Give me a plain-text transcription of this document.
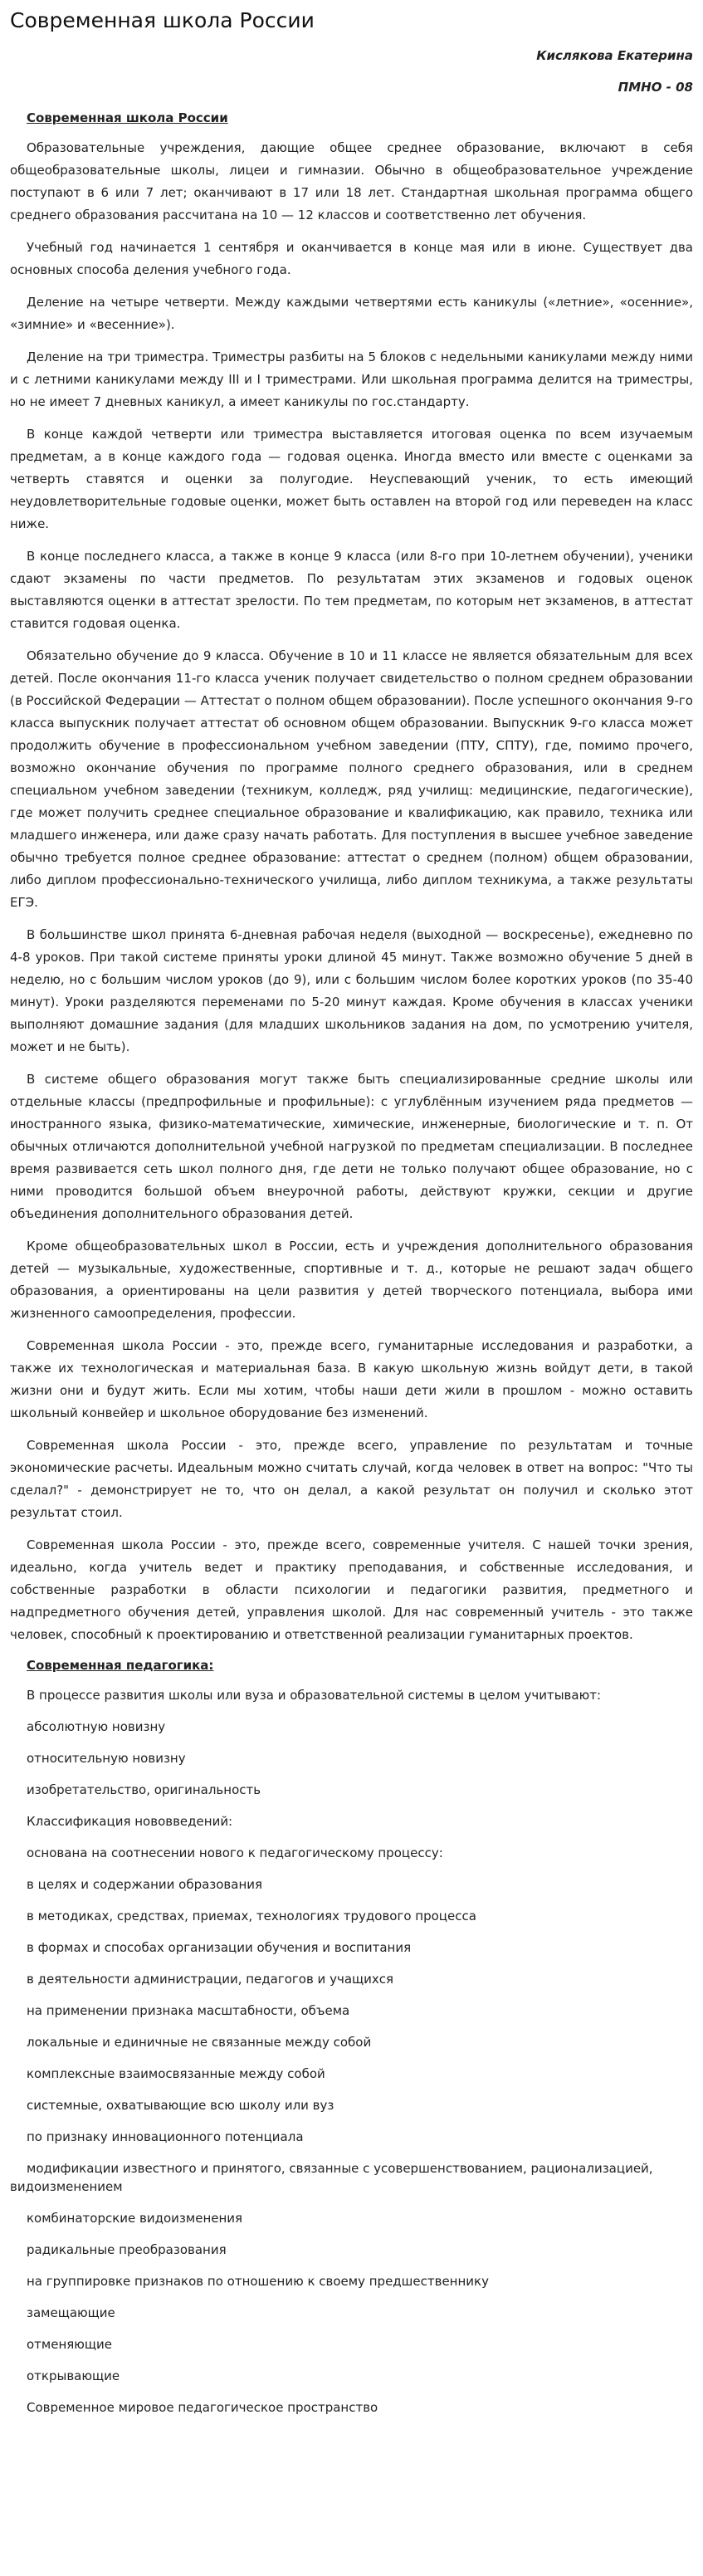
Современная школа России
Кислякова Екатерина
ПМНО - 08
Современная школа России

Образовательные учреждения, дающие общее среднее образование, включают в себя общеобразовательные школы, лицеи и гимназии. Обычно в общеобразовательное учреждение поступают в 6 или 7 лет; оканчивают в 17 или 18 лет. Стандартная школьная программа общего среднего образования рассчитана на 10 — 12 классов и соответственно лет обучения.

Учебный год начинается 1 сентября и оканчивается в конце мая или в июне. Существует два основных способа деления учебного года.

Деление на четыре четверти. Между каждыми четвертями есть каникулы («летние», «осенние», «зимние» и «весенние»).

Деление на три триместра. Триместры разбиты на 5 блоков с недельными каникулами между ними и с летними каникулами между III и I триместрами. Или школьная программа делится на триместры, но не имеет 7 дневных каникул, а имеет каникулы по гос.стандарту.

В конце каждой четверти или триместра выставляется итоговая оценка по всем изучаемым предметам, а в конце каждого года — годовая оценка. Иногда вместо или вместе с оценками за четверть ставятся и оценки за полугодие. Неуспевающий ученик, то есть имеющий неудовлетворительные годовые оценки, может быть оставлен на второй год или переведен на класс ниже.

В конце последнего класса, а также в конце 9 класса (или 8-го при 10-летнем обучении), ученики сдают экзамены по части предметов. По результатам этих экзаменов и годовых оценок выставляются оценки в аттестат зрелости. По тем предметам, по которым нет экзаменов, в аттестат ставится годовая оценка.

Обязательно обучение до 9 класса. Обучение в 10 и 11 классе не является обязательным для всех детей. После окончания 11-го класса ученик получает свидетельство о полном среднем образовании (в Российской Федерации — Аттестат о полном общем образовании). После успешного окончания 9-го класса выпускник получает аттестат об основном общем образовании. Выпускник 9-го класса может продолжить обучение в профессиональном учебном заведении (ПТУ, СПТУ), где, помимо прочего, возможно окончание обучения по программе полного среднего образования, или в среднем специальном учебном заведении (техникум, колледж, ряд училищ: медицинские, педагогические), где может получить среднее специальное образование и квалификацию, как правило, техника или младшего инженера, или даже сразу начать работать. Для поступления в высшее учебное заведение обычно требуется полное среднее образование: аттестат о среднем (полном) общем образовании, либо диплом профессионально-технического училища, либо диплом техникума, а также результаты ЕГЭ.

В большинстве школ принята 6-дневная рабочая неделя (выходной — воскресенье), ежедневно по 4-8 уроков. При такой системе приняты уроки длиной 45 минут. Также возможно обучение 5 дней в неделю, но с большим числом уроков (до 9), или с большим числом более коротких уроков (по 35-40 минут). Уроки разделяются переменами по 5-20 минут каждая. Кроме обучения в классах ученики выполняют домашние задания (для младших школьников задания на дом, по усмотрению учителя, может и не быть).

В системе общего образования могут также быть специализированные средние школы или отдельные классы (предпрофильные и профильные): с углублённым изучением ряда предметов — иностранного языка, физико-математические, химические, инженерные, биологические и т. п. От обычных отличаются дополнительной учебной нагрузкой по предметам специализации. В последнее время развивается сеть школ полного дня, где дети не только получают общее образование, но с ними проводится большой объем внеурочной работы, действуют кружки, секции и другие объединения дополнительного образования детей.

Кроме общеобразовательных школ в России, есть и учреждения дополнительного образования детей — музыкальные, художественные, спортивные и т. д., которые не решают задач общего образования, а ориентированы на цели развития у детей творческого потенциала, выбора ими жизненного самоопределения, профессии.

Современная школа России - это, прежде всего, гуманитарные исследования и разработки, а также их технологическая и материальная база. В какую школьную жизнь войдут дети, в такой жизни они и будут жить. Если мы хотим, чтобы наши дети жили в прошлом - можно оставить школьный конвейер и школьное оборудование без изменений.

Современная школа России - это, прежде всего, управление по результатам и точные экономические расчеты. Идеальным можно считать случай, когда человек в ответ на вопрос: "Что ты сделал?" - демонстрирует не то, что он делал, а какой результат он получил и сколько этот результат стоил.

Современная школа России - это, прежде всего, современные учителя. С нашей точки зрения, идеально, когда учитель ведет и практику преподавания, и собственные исследования, и собственные разработки в области психологии и педагогики развития, предметного и надпредметного обучения детей, управления школой. Для нас современный учитель - это также человек, способный к проектированию и ответственной реализации гуманитарных проектов.

Современная педагогика:
В процессе развития школы или вуза и образовательной системы в целом учитывают:
абсолютную новизну
относительную новизну
изобретательство, оригинальность
Классификация нововведений:
основана на соотнесении нового к педагогическому процессу:
в целях и содержании образования
в методиках, средствах, приемах, технологиях трудового процесса
в формах и способах организации обучения и воспитания
в деятельности администрации, педагогов и учащихся
на применении признака масштабности, объема
локальные и единичные не связанные между собой
комплексные взаимосвязанные между собой
системные, охватывающие всю школу или вуз
по признаку инновационного потенциала
модификации известного и принятого, связанные с усовершенствованием, рационализацией, видоизменением
комбинаторские видоизменения
радикальные преобразования
на группировке признаков по отношению к своему предшественнику
замещающие
отменяющие
открывающие
Современное мировое педагогическое пространство
